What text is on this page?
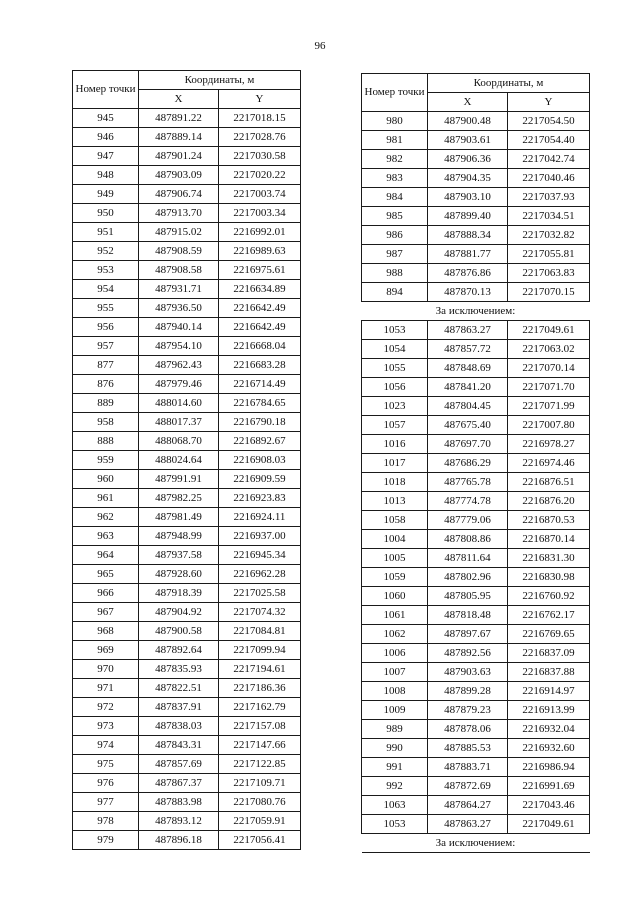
96
Номер точки	Координаты, м	
	X	Y
945	487891.22	2217018.15
946	487889.14	2217028.76
947	487901.24	2217030.58
948	487903.09	2217020.22
949	487906.74	2217003.74
950	487913.70	2217003.34
951	487915.02	2216992.01
952	487908.59	2216989.63
953	487908.58	2216975.61
954	487931.71	2216634.89
955	487936.50	2216642.49
956	487940.14	2216642.49
957	487954.10	2216668.04
877	487962.43	2216683.28
876	487979.46	2216714.49
889	488014.60	2216784.65
958	488017.37	2216790.18
888	488068.70	2216892.67
959	488024.64	2216908.03
960	487991.91	2216909.59
961	487982.25	2216923.83
962	487981.49	2216924.11
963	487948.99	2216937.00
964	487937.58	2216945.34
965	487928.60	2216962.28
966	487918.39	2217025.58
967	487904.92	2217074.32
968	487900.58	2217084.81
969	487892.64	2217099.94
970	487835.93	2217194.61
971	487822.51	2217186.36
972	487837.91	2217162.79
973	487838.03	2217157.08
974	487843.31	2217147.66
975	487857.69	2217122.85
976	487867.37	2217109.71
977	487883.98	2217080.76
978	487893.12	2217059.91
979	487896.18	2217056.41
Номер точки	Координаты, м	
	X	Y
980	487900.48	2217054.50
981	487903.61	2217054.40
982	487906.36	2217042.74
983	487904.35	2217040.46
984	487903.10	2217037.93
985	487899.40	2217034.51
986	487888.34	2217032.82
987	487881.77	2217055.81
988	487876.86	2217063.83
894	487870.13	2217070.15
За исключением:		
1053	487863.27	2217049.61
1054	487857.72	2217063.02
1055	487848.69	2217070.14
1056	487841.20	2217071.70
1023	487804.45	2217071.99
1057	487675.40	2217007.80
1016	487697.70	2216978.27
1017	487686.29	2216974.46
1018	487765.78	2216876.51
1013	487774.78	2216876.20
1058	487779.06	2216870.53
1004	487808.86	2216870.14
1005	487811.64	2216831.30
1059	487802.96	2216830.98
1060	487805.95	2216760.92
1061	487818.48	2216762.17
1062	487897.67	2216769.65
1006	487892.56	2216837.09
1007	487903.63	2216837.88
1008	487899.28	2216914.97
1009	487879.23	2216913.99
989	487878.06	2216932.04
990	487885.53	2216932.60
991	487883.71	2216986.94
992	487872.69	2216991.69
1063	487864.27	2217043.46
1053	487863.27	2217049.61
За исключением:		
